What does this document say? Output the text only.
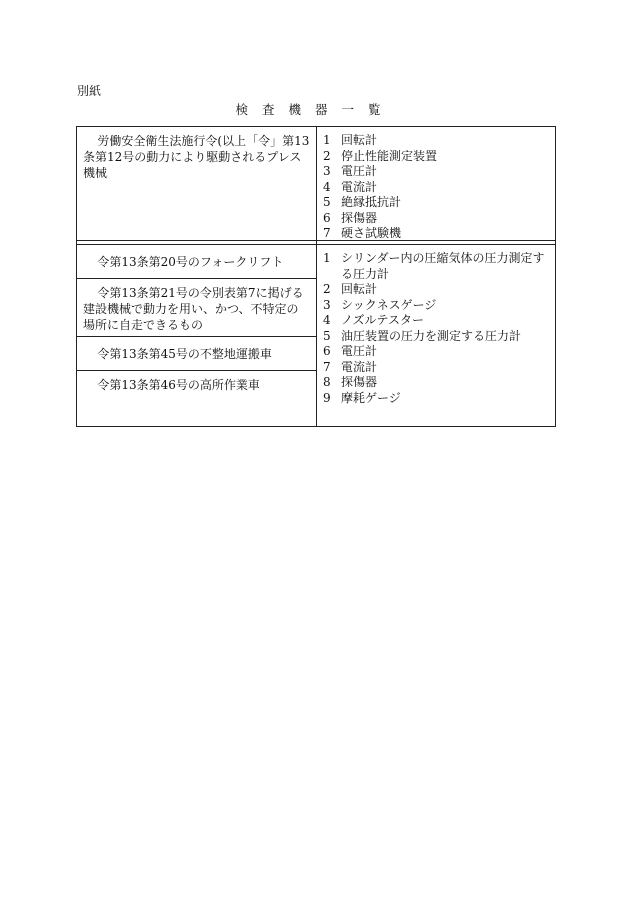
別紙
検査機器一覧
労働安全衛生法施行令(以上「令」第13条第12号の動力により駆動されるプレス機械
1 回転計
2 停止性能測定装置
3 電圧計
4 電流計
5 絶縁抵抗計
6 探傷器
7 硬さ試験機
令第13条第20号のフォークリフト
令第13条第21号の令別表第7に掲げる建設機械で動力を用い、かつ、不特定の場所に自走できるもの
令第13条第45号の不整地運搬車
令第13条第46号の高所作業車
1 シリンダー内の圧縮気体の圧力測定する圧力計
2 回転計
3 シックネスゲージ
4 ノズルテスター
5 油圧装置の圧力を測定する圧力計
6 電圧計
7 電流計
8 探傷器
9 摩耗ゲージ
